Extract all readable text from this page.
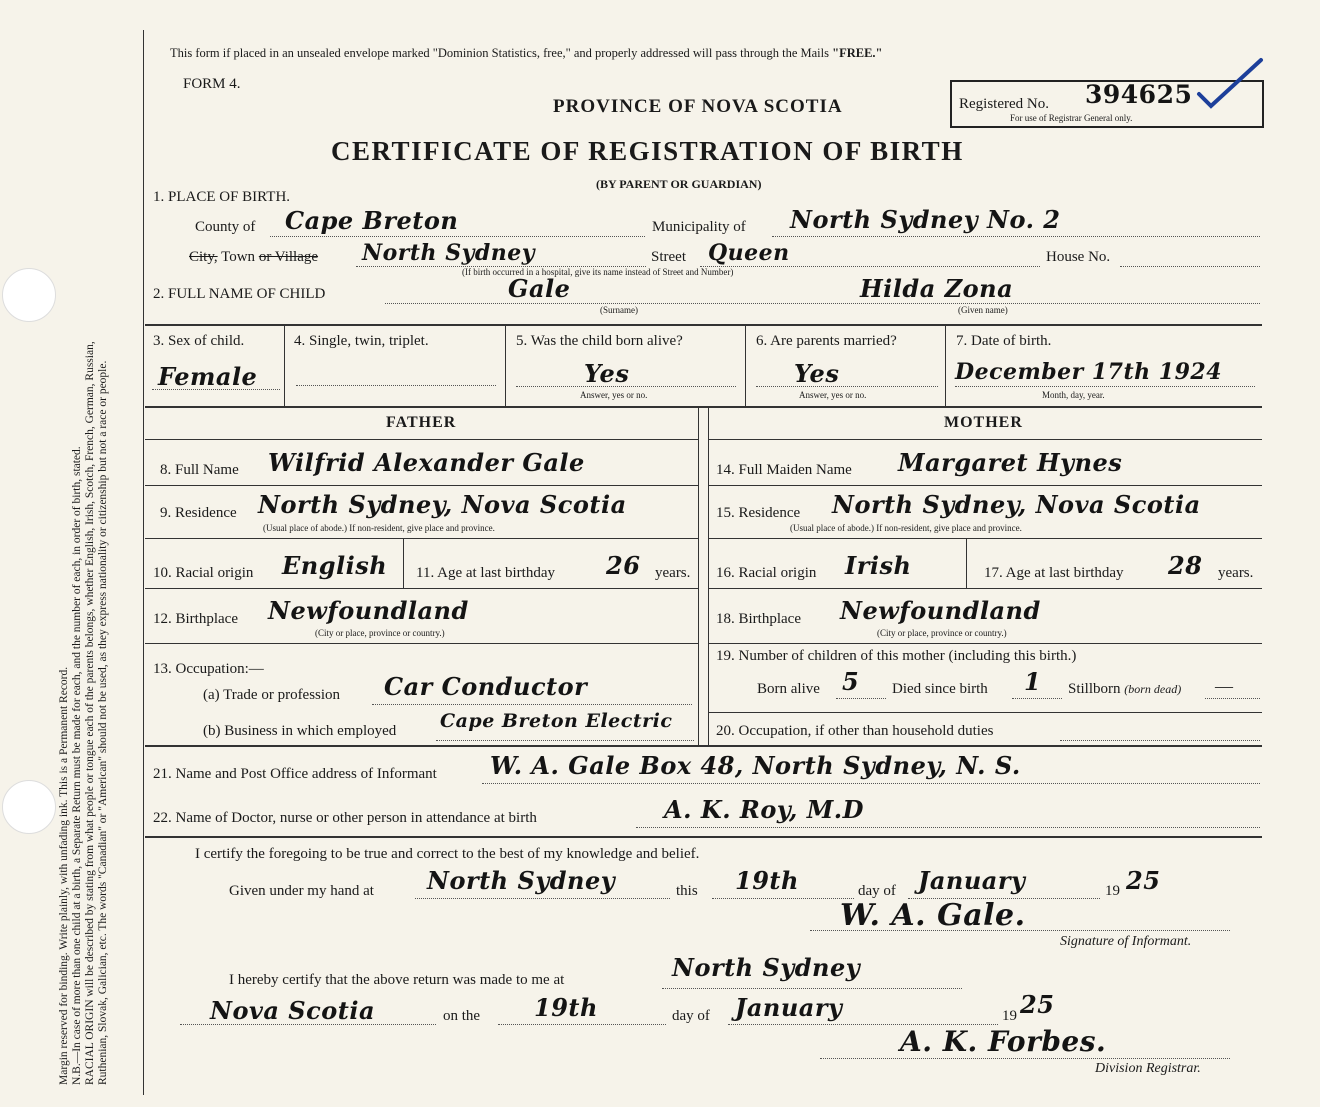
Margin reserved for binding. Write plainly, with unfading ink. This is a Permanent Record. N.B.—In case of more than one child at a birth, a Separate Return must be made for each, and the number of each, in order of birth, stated. RACIAL ORIGIN will be described by stating from what people or tongue each of the parents belongs, whether English, Irish, Scotch, French, German, Russian, Ruthenian, Slovak, Galician, etc. The words "Canadian" or "American" should not be used, as they express nationality or citizenship but not a race or people.

This form if placed in an unsealed envelope marked "Dominion Statistics, free," and properly addressed will pass through the Mails "FREE."
FORM 4.
PROVINCE OF NOVA SCOTIA
CERTIFICATE OF REGISTRATION OF BIRTH
(BY PARENT OR GUARDIAN)
Registered No. 394625
For use of Registrar General only.
1. PLACE OF BIRTH.
County of Cape Breton	Municipality of North Sydney No. 2
City, Town or Village North Sydney	Street Queen	House No.
(If birth occurred in a hospital, give its name instead of Street and Number)
2. FULL NAME OF CHILD	Gale
(Surname)
Hilda Zona
(Given name)
3. Sex of child.
Female
4. Single, twin, triplet.	5. Was the child born alive?
Yes
Answer, yes or no.
6. Are parents married?
Yes
Answer, yes or no.
7. Date of birth.
December 17th 1924
Month, day, year.
FATHER	MOTHER
8. Full Name Wilfrid Alexander Gale
9. Residence North Sydney, Nova Scotia
(Usual place of abode.) If non-resident, give place and province.
10. Racial origin English 11. Age at last birthday 26 years.
12. Birthplace Newfoundland
(City or place, province or country.)
13. Occupation:—
(a) Trade or profession Car Conductor
(b) Business in which employed Cape Breton Electric
14. Full Maiden Name Margaret Hynes
15. Residence North Sydney, Nova Scotia
(Usual place of abode.) If non-resident, give place and province.
16. Racial origin Irish	17. Age at last birthday 28 years.
18. Birthplace Newfoundland
(City or place, province or country.)
19. Number of children of this mother (including this birth.)
Born alive 5 Died since birth 1 Stillborn (born dead) —
20. Occupation, if other than household duties
21. Name and Post Office address of Informant W. A. Gale Box 48, North Sydney, N. S.
22. Name of Doctor, nurse or other person in attendance at birth	A. K. Roy, M.D
I certify the foregoing to be true and correct to the best of my knowledge and belief.
Given under my hand at North Sydney	this 19th	day of January	19 25
W. A. Gale.
Signature of Informant.
I hereby certify that the above return was made to me at	North Sydney
Nova Scotia	on the 19th	day of January	19 25
A. K. Forbes.
Division Registrar.
